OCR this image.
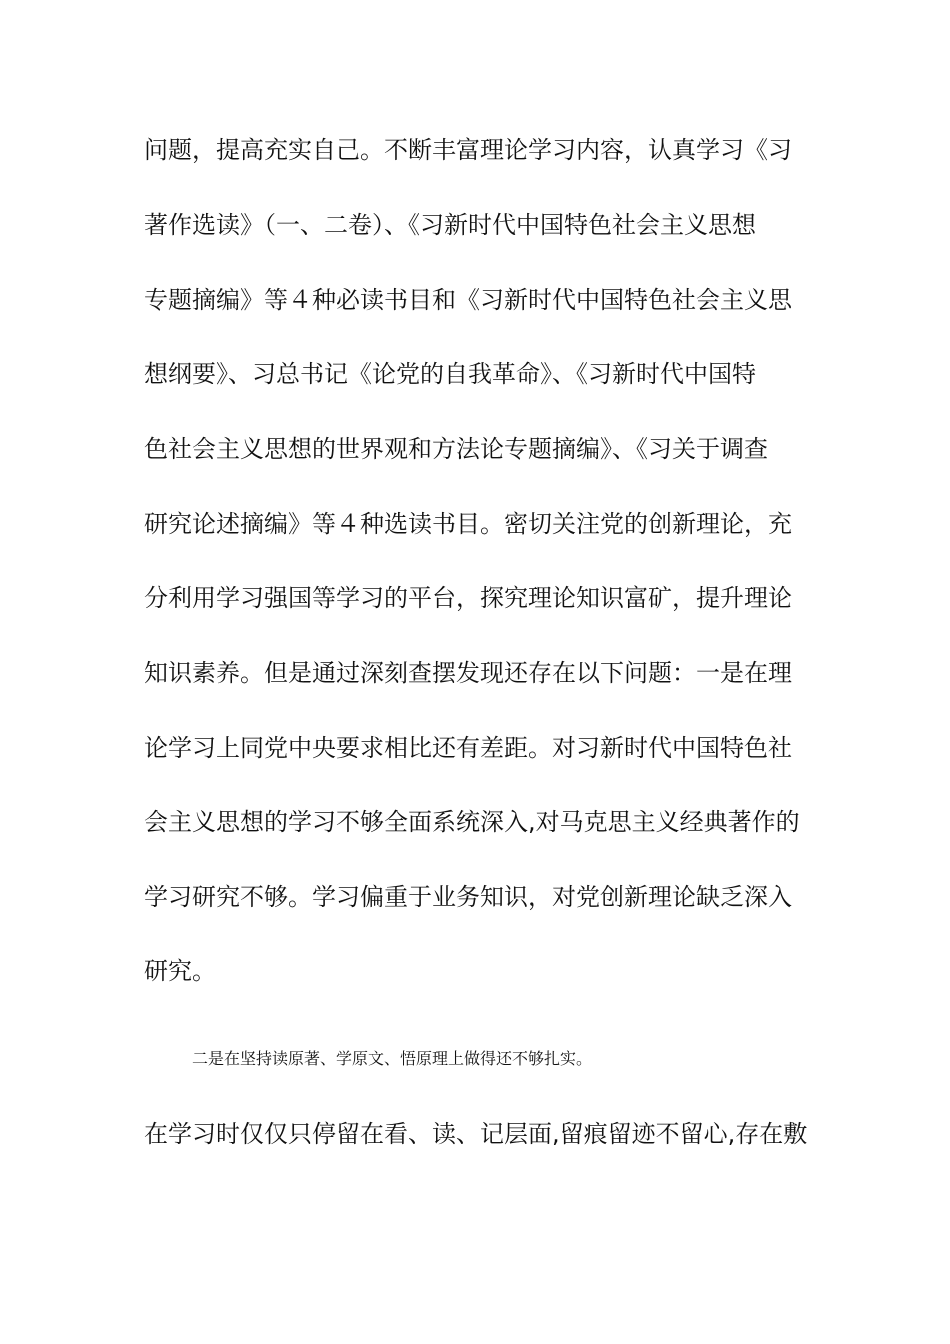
问题，提高充实自己。不断丰富理论学习内容，认真学习《习
著作选读》（一、二卷）、《习新时代中国特色社会主义思想
专题摘编》等４种必读书目和《习新时代中国特色社会主义思
想纲要》、习总书记《论党的自我革命》、《习新时代中国特
色社会主义思想的世界观和方法论专题摘编》、《习关于调查
研究论述摘编》等４种选读书目。密切关注党的创新理论，充
分利用学习强国等学习的平台，探究理论知识富矿，提升理论
知识素养。但是通过深刻查摆发现还存在以下问题：一是在理
论学习上同党中央要求相比还有差距。对习新时代中国特色社
会主义思想的学习不够全面系统深入,对马克思主义经典著作的
学习研究不够。学习偏重于业务知识，对党创新理论缺乏深入
研究。
二是在坚持读原著、学原文、悟原理上做得还不够扎实。
在学习时仅仅只停留在看、读、记层面,留痕留迹不留心,存在敷
